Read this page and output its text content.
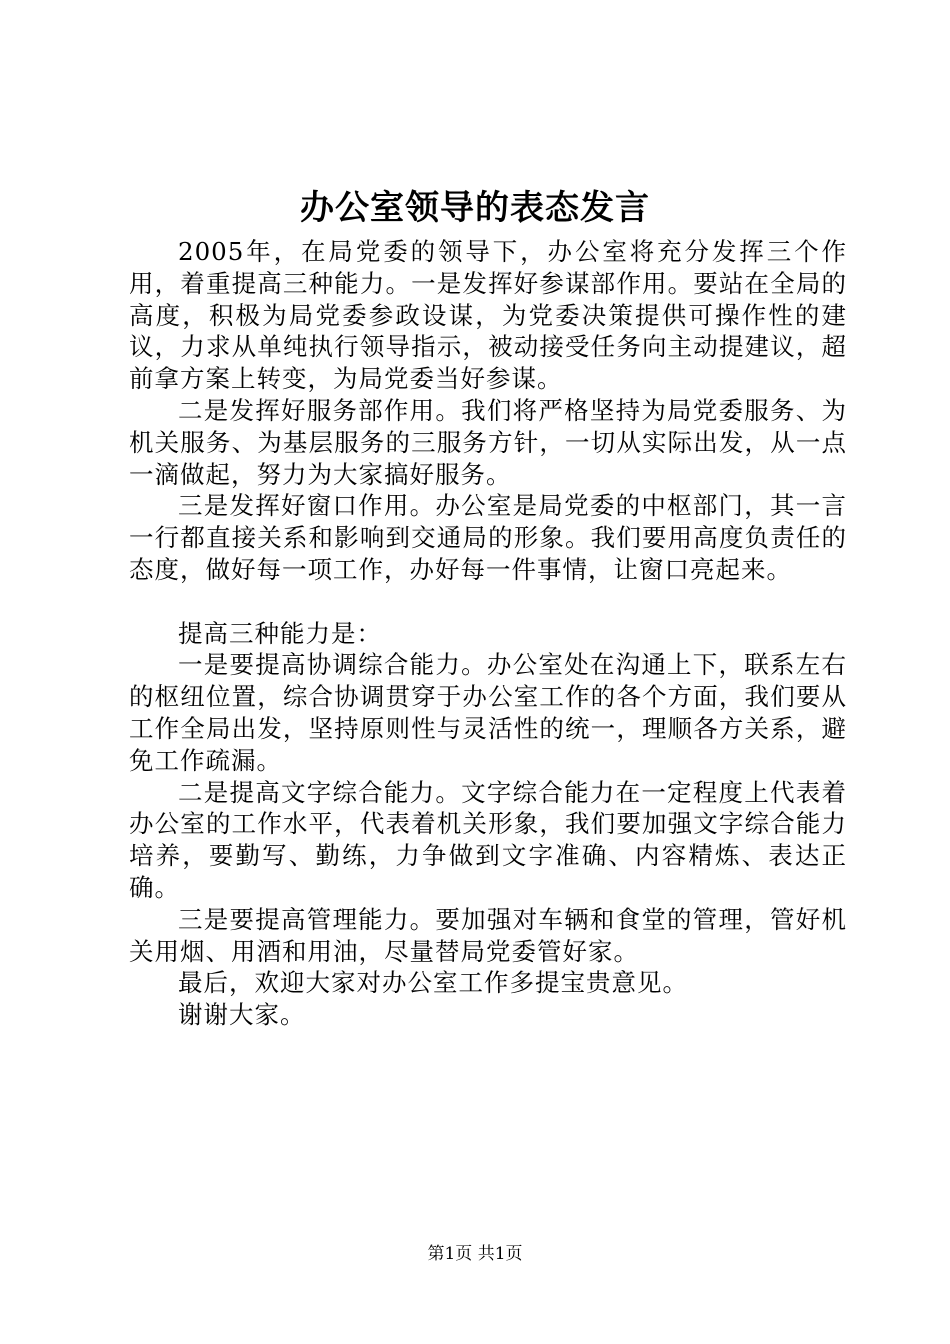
办公室领导的表态发言

2005年，在局党委的领导下，办公室将充分发挥三个作用，着重提高三种能力。一是发挥好参谋部作用。要站在全局的高度，积极为局党委参政设谋，为党委决策提供可操作性的建议，力求从单纯执行领导指示，被动接受任务向主动提建议，超前拿方案上转变，为局党委当好参谋。

二是发挥好服务部作用。我们将严格坚持为局党委服务、为机关服务、为基层服务的三服务方针，一切从实际出发，从一点一滴做起，努力为大家搞好服务。

三是发挥好窗口作用。办公室是局党委的中枢部门，其一言一行都直接关系和影响到交通局的形象。我们要用高度负责任的态度，做好每一项工作，办好每一件事情，让窗口亮起来。

提高三种能力是：

一是要提高协调综合能力。办公室处在沟通上下，联系左右的枢纽位置，综合协调贯穿于办公室工作的各个方面，我们要从工作全局出发，坚持原则性与灵活性的统一，理顺各方关系，避免工作疏漏。

二是提高文字综合能力。文字综合能力在一定程度上代表着办公室的工作水平，代表着机关形象，我们要加强文字综合能力培养，要勤写、勤练，力争做到文字准确、内容精炼、表达正确。

三是要提高管理能力。要加强对车辆和食堂的管理，管好机关用烟、用酒和用油，尽量替局党委管好家。

最后，欢迎大家对办公室工作多提宝贵意见。

谢谢大家。

第1页 共1页
